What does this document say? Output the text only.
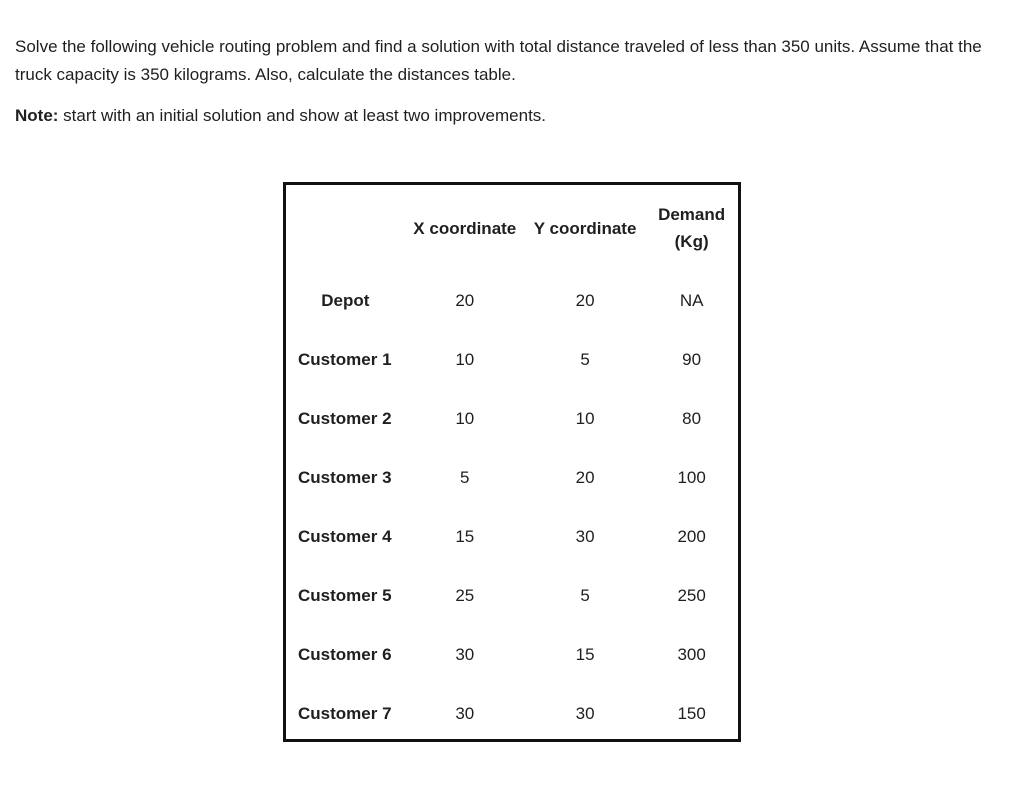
Solve the following vehicle routing problem and find a solution with total distance traveled of less than 350 units. Assume that the truck capacity is 350 kilograms. Also, calculate the distances table.

Note: start with an initial solution and show at least two improvements.

	X coordinate	Y coordinate	Demand
(Kg)
Depot	20	20	NA
Customer 1	10	5	90
Customer 2	10	10	80
Customer 3	5	20	100
Customer 4	15	30	200
Customer 5	25	5	250
Customer 6	30	15	300
Customer 7	30	30	150
